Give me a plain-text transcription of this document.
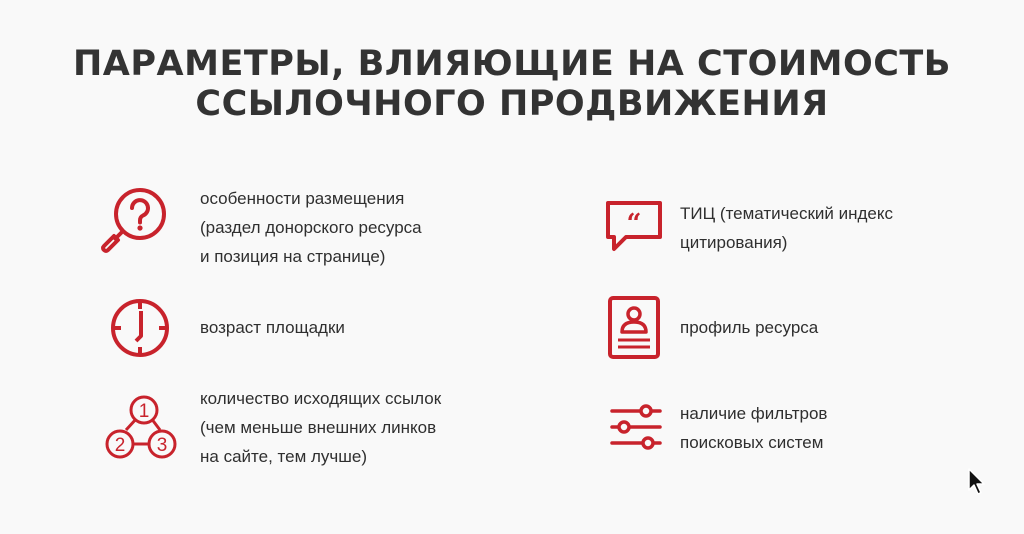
ПАРАМЕТРЫ, ВЛИЯЮЩИЕ НА СТОИМОСТЬ
ССЫЛОЧНОГО ПРОДВИЖЕНИЯ
особенности размещения
(раздел донорского ресурса
и позиция на странице)
возраст площадки
1
2 3
количество исходящих ссылок
(чем меньше внешних линков
на сайте, тем лучше)
“ ТИЦ (тематический индекс
цитирования)
профиль ресурса
наличие фильтров
поисковых систем
